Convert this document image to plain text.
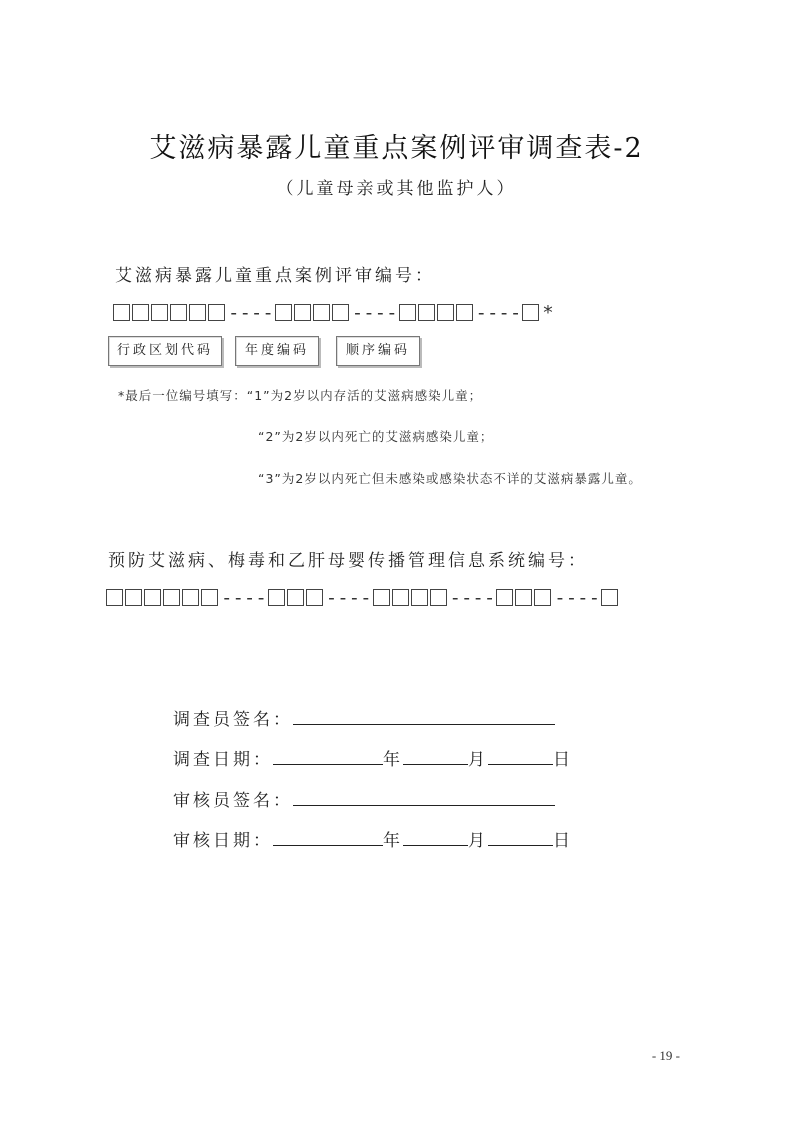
艾滋病暴露儿童重点案例评审调查表-2
（儿童母亲或其他监护人）
艾滋病暴露儿童重点案例评审编号：
----	----	---- *
行政区划代码	年度编码	顺序编码
*最后一位编号填写：“1”为2岁以内存活的艾滋病感染儿童；
“2”为2岁以内死亡的艾滋病感染儿童；
“3”为2岁以内死亡但未感染或感染状态不详的艾滋病暴露儿童。
预防艾滋病、梅毒和乙肝母婴传播管理信息系统编号：
----	----	----	----
调查员签名：
调查日期：	年	月	日
审核员签名：
审核日期：	年	月	日
- 19 -
